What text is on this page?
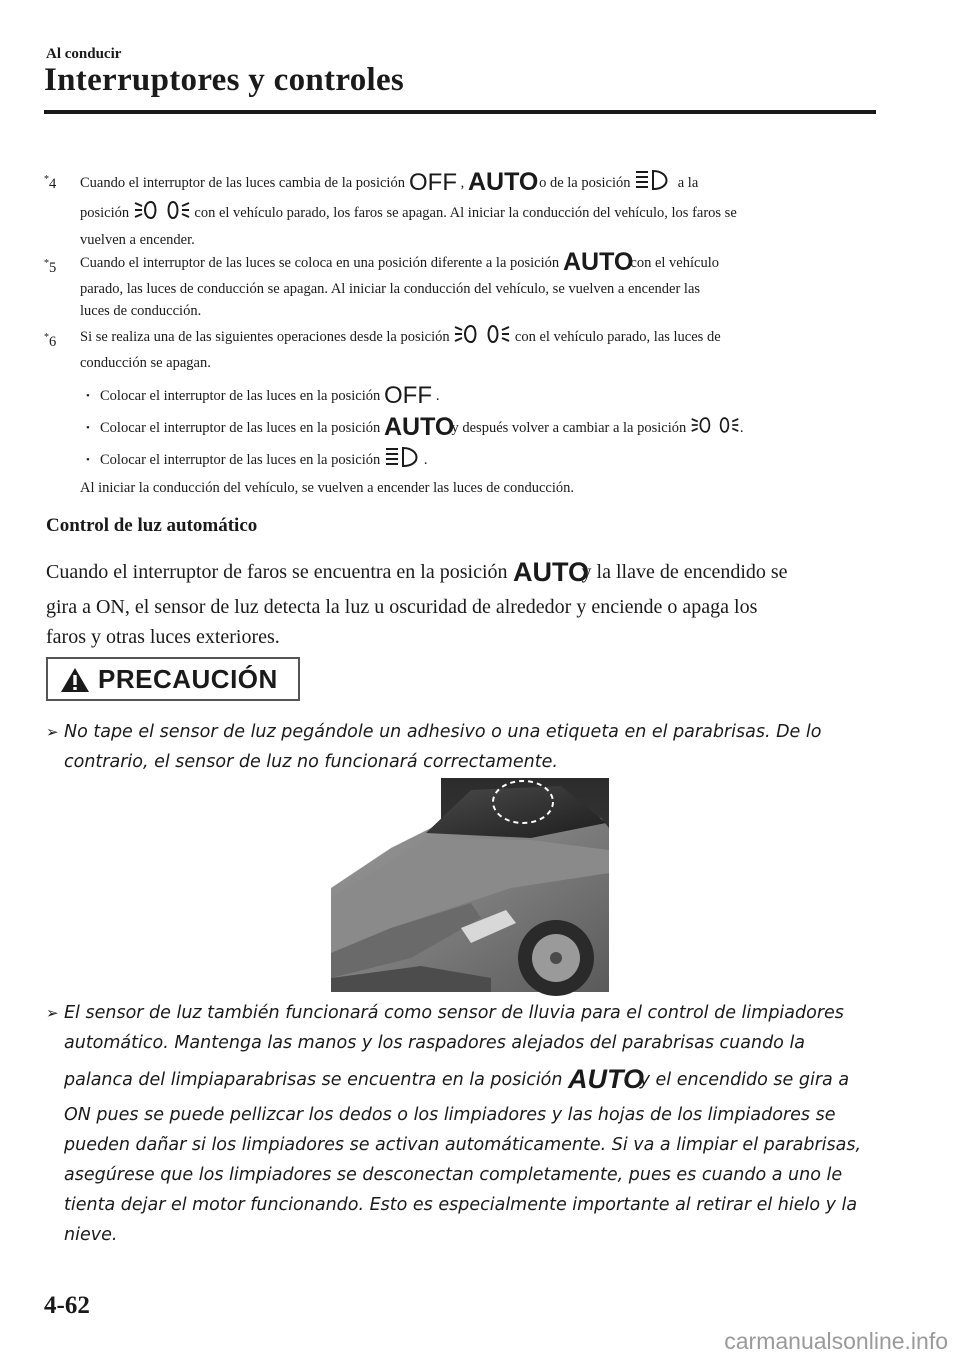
Al conducir
Interruptores y controles
*4 Cuando el interruptor de las luces cambia de la posición OFF , AUTO
, o de la posición	a la
posición	con el vehículo parado, los faros se apagan. Al iniciar la conducción del vehículo, los faros se
vuelven a encender.
*5 Cuando el interruptor de las luces se coloca en una posición diferente a la posición AUTO
con el vehículo
parado, las luces de conducción se apagan. Al iniciar la conducción del vehículo, se vuelven a encender las
luces de conducción.
*6 Si se realiza una de las siguientes operaciones desde la posición	con el vehículo parado, las luces de
conducción se apagan.
• Colocar el interruptor de las luces en la posición OFF .
• Colocar el interruptor de las luces en la posición AUTO
y después volver a cambiar a la posición	.
• Colocar el interruptor de las luces en la posición	.
Al iniciar la conducción del vehículo, se vuelven a encender las luces de conducción.
Control de luz automático
Cuando el interruptor de faros se encuentra en la posición AUTO
y la llave de encendido se
gira a ON, el sensor de luz detecta la luz u oscuridad de alrededor y enciende o apaga los
faros y otras luces exteriores.
PRECAUCIÓN
➢ No tape el sensor de luz pegándole un adhesivo o una etiqueta en el parabrisas. De lo
contrario, el sensor de luz no funcionará correctamente.
➢ El sensor de luz también funcionará como sensor de lluvia para el control de limpiadores
automático. Mantenga las manos y los raspadores alejados del parabrisas cuando la
palanca del limpiaparabrisas se encuentra en la posición AUTO
y el encendido se gira a
ON pues se puede pellizcar los dedos o los limpiadores y las hojas de los limpiadores se
pueden dañar si los limpiadores se activan automáticamente. Si va a limpiar el parabrisas,
asegúrese que los limpiadores se desconectan completamente, pues es cuando a uno le
tienta dejar el motor funcionando. Esto es especialmente importante al retirar el hielo y la
nieve.
4-62
carmanualsonline.info
